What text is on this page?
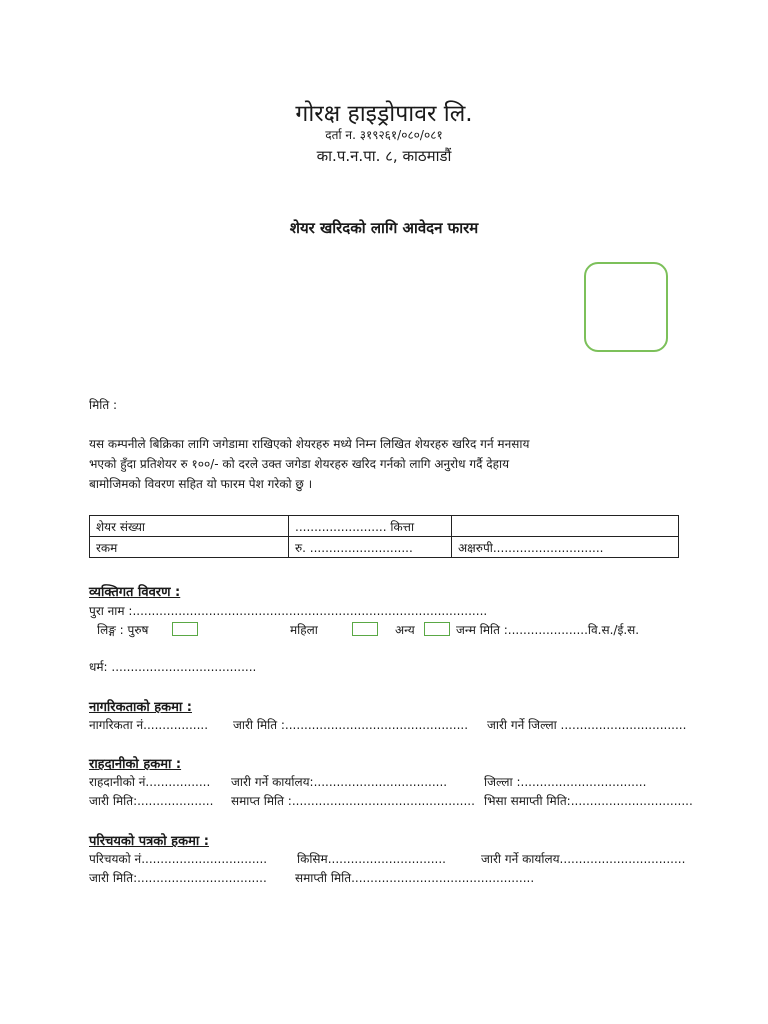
गोरक्ष हाइड्रोपावर लि.
दर्ता न. ३१९२६१/०८०/०८१
का.प.न.पा. ८, काठमाडौं
शेयर खरिदको लागि आवेदन फारम
मिति :
यस कम्पनीले बिक्रिका लागि जगेडामा राखिएको शेयरहरु मध्ये निम्न लिखित शेयरहरु खरिद गर्न मनसाय
भएको हुँदा प्रतिशेयर रु १००/- को दरले उक्त जगेडा शेयरहरु खरिद गर्नको लागि अनुरोध गर्दै देहाय
बामोजिमको विवरण सहित यो फारम पेश गरेको छु ।
शेयर संख्या	........................ कित्ता	
रकम	रु. ...........................	अक्षरुपी.............................
व्यक्तिगत विवरण :
पुरा नाम :.............................................................................................
लिङ्ग : पुरुष	महिला	अन्य	जन्म मिति :.....................वि.स./ई.स.
धर्म: ......................................
नागरिकताको हकमा :
नागरिकता नं................. जारी मिति :................................................ जारी गर्ने जिल्ला .................................
राहदानीको हकमा :
राहदानीको नं................. जारी गर्ने कार्यालय:...................................	जिल्ला :.................................
जारी मिति:.................... समाप्त मिति :................................................ भिसा समाप्ती मिति:................................
परिचयको पत्रको हकमा :
परिचयको नं................................. किसिम...............................	जारी गर्ने कार्यालय.................................
जारी मिति:.................................. समाप्ती मिति................................................
